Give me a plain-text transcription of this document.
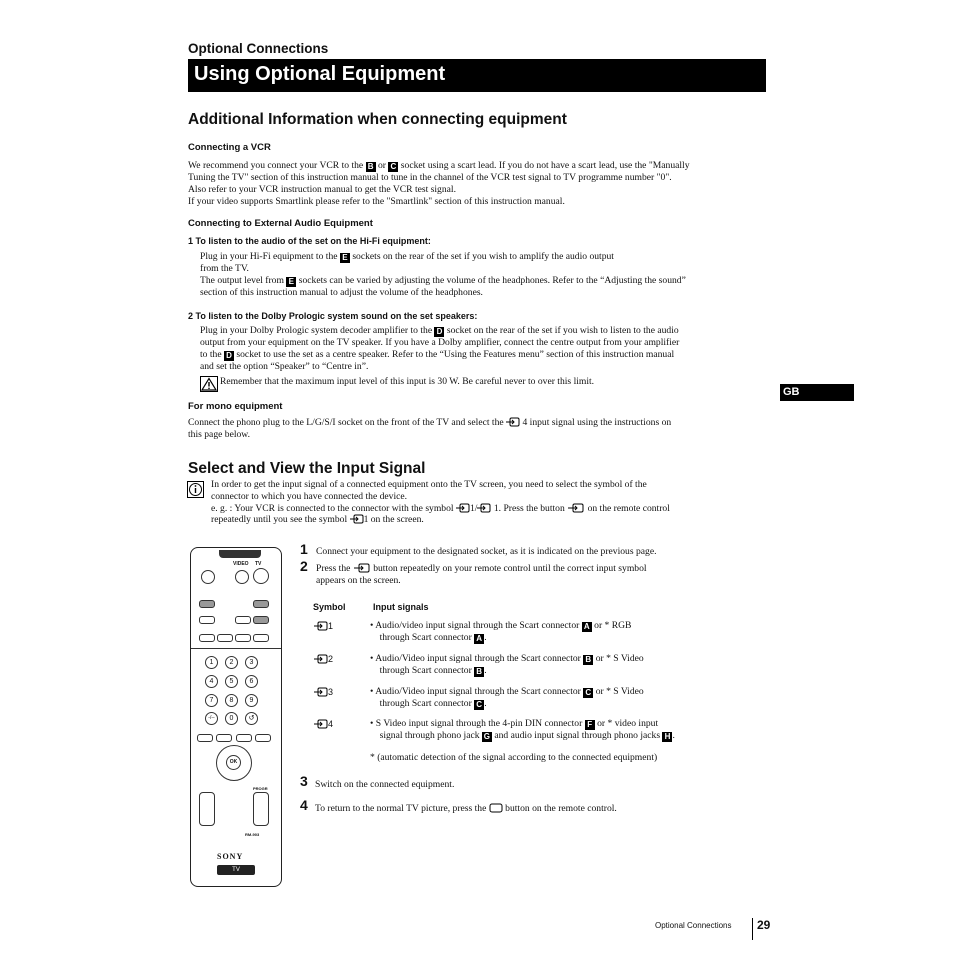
Optional Connections
Using Optional Equipment
Additional Information when connecting equipment
Connecting a VCR
We recommend you connect your VCR to the B or C socket using a scart lead. If you do not have a scart lead, use the "Manually
Tuning the TV" section of this instruction manual to tune in the channel of the VCR test signal to TV programme number "0".
Also refer to your VCR instruction manual to get the VCR test signal.
If your video supports Smartlink please refer to the "Smartlink" section of this instruction manual.
Connecting to External Audio Equipment
1 To listen to the audio of the set on the Hi-Fi equipment:
Plug in your Hi-Fi equipment to the E sockets on the rear of the set if you wish to amplify the audio output
from the TV.
The output level from E sockets can be varied by adjusting the volume of the headphones. Refer to the “Adjusting the sound”
section of this instruction manual to adjust the volume of the headphones.
2 To listen to the Dolby Prologic system sound on the set speakers:
Plug in your Dolby Prologic system decoder amplifier to the D socket on the rear of the set if you wish to listen to the audio
output from your equipment on the TV speaker. If you have a Dolby amplifier, connect the centre output from your amplifier
to the D socket to use the set as a centre speaker. Refer to the “Using the Features menu” section of this instruction manual
and set the option “Speaker” to “Centre in”.
Remember that the maximum input level of this input is 30 W. Be careful never to over this limit.
For mono equipment
Connect the phono plug to the L/G/S/I socket on the front of the TV and select the 4 input signal using the instructions on
this page below.
GB
Select and View the Input Signal
In order to get the input signal of a connected equipment onto the TV screen, you need to select the symbol of the
connector to which you have connected the device.
e. g. : Your VCR is connected to the connector with the symbol 1/ 1. Press the button on the remote control
repeatedly until you see the symbol 1 on the screen.
VIDEO TV
1	2	3
4	5	6
7	8	9
-/--	0	↺
OK
PROGR
RM-903
SONY
TV
1 Connect your equipment to the designated socket, as it is indicated on the previous page.
2 Press the button repeatedly on your remote control until the correct input symbol
appears on the screen.
Symbol	Input signals
1	• Audio/video input signal through the Scart connector A or * RGB
through Scart connector A .
2	• Audio/Video input signal through the Scart connector B or * S Video
through Scart connector B .
3	• Audio/Video input signal through the Scart connector C or * S Video
through Scart connector C .
4	• S Video input signal through the 4-pin DIN connector F or * video input
signal through phono jack G and audio input signal through phono jacks H .
* (automatic detection of the signal according to the connected equipment)
3 Switch on the connected equipment.
4 To return to the normal TV picture, press the button on the remote control.
Optional Connections 29
